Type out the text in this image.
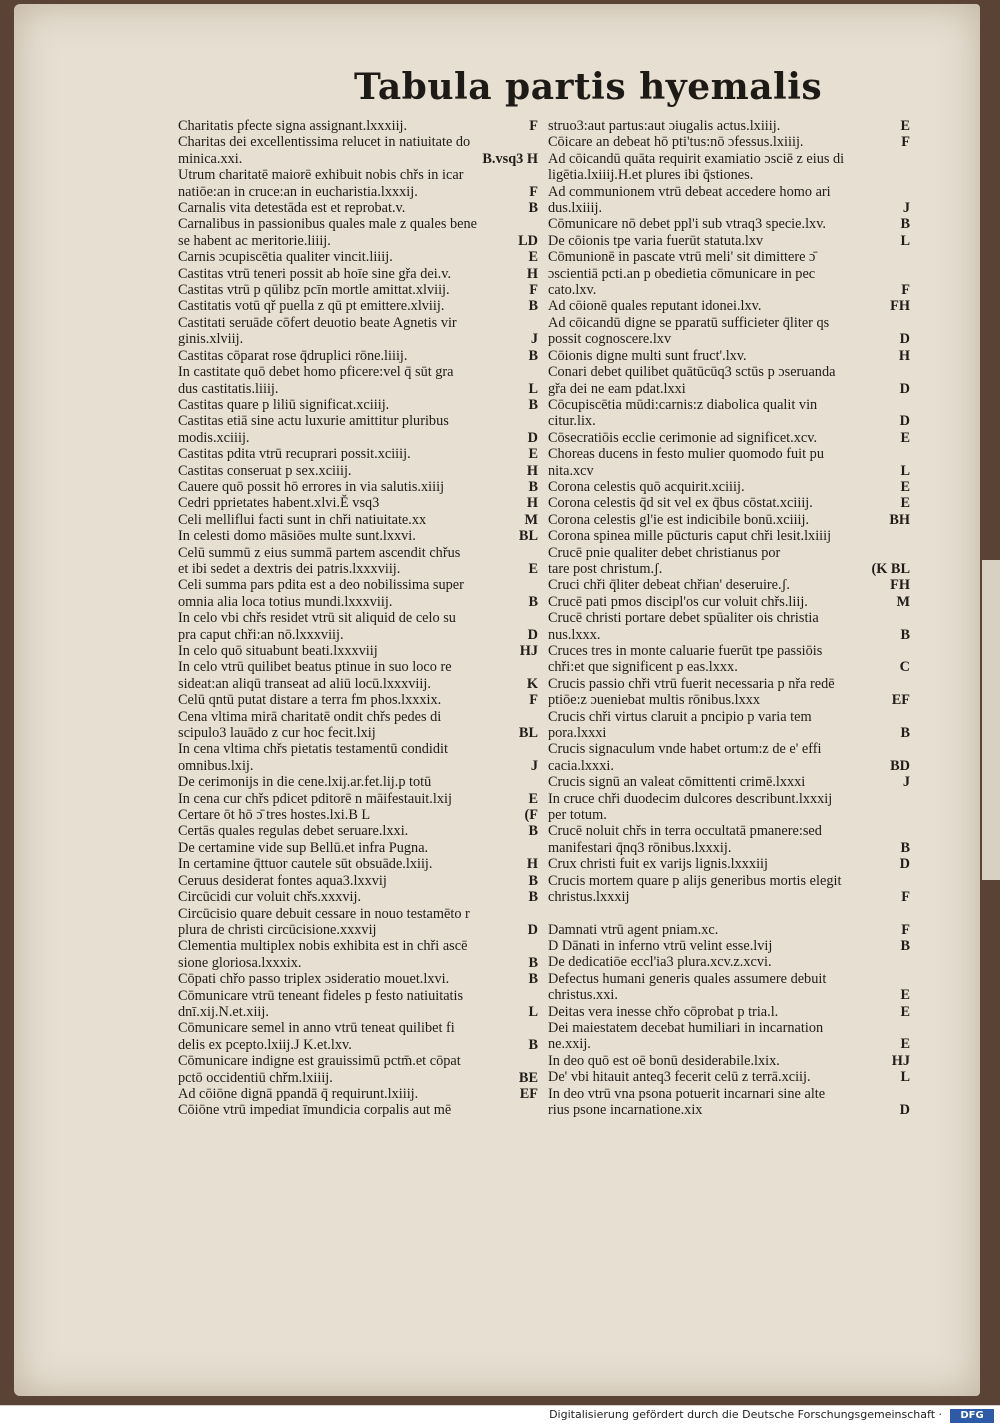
Tabula partis hyemalis
Charitatis pfecte signa assignant.lxxxiij.	F
Charitas dei excellentissima relucet in natiuitate do
minica.xxi.	B.vsq3 H
Utrum charitatē maiorē exhibuit nobis chřs in icar
natiōe:an in cruce:an in eucharistia.lxxxij.	F
Carnalis vita detestāda est et reprobat.v.	B
Carnalibus in passionibus quales male z quales bene
se habent ac meritorie.liiij.	LD
Carnis ɔcupiscētia qualiter vincit.liiij.	E
Castitas vtrū teneri possit ab hoīe sine gřa dei.v.	H
Castitas vtrū p qūlibz pcīn mortle amittat.xlviij.	F
Castitatis votū qř puella z qū pt emittere.xlviij.	B
Castitati seruāde cōfert deuotio beate Agnetis vir
ginis.xlviij.	J
Castitas cōparat rose q̄druplici rōne.liiij.	B
In castitate quō debet homo pficere:vel q̄ sūt gra
dus castitatis.liiij.	L
Castitas quare p liliū significat.xciiij.	B
Castitas etiā sine actu luxurie amittitur pluribus
modis.xciiij.	D
Castitas pdita vtrū recuprari possit.xciiij.	E
Castitas conseruat p sex.xciiij.	H
Cauere quō possit hō errores in via salutis.xiiij	B
Cedri pprietates habent.xlvi.Ĕ vsq3	H
Celi melliflui facti sunt in chři natiuitate.xx	M
In celesti domo māsiōes multe sunt.lxxvi.	BL
Celū summū z eius summā partem ascendit chřus
et ibi sedet a dextris dei patris.lxxxviij.	E
Celi summa pars pdita est a deo nobilissima super
omnia alia loca totius mundi.lxxxviij.	B
In celo vbi chřs residet vtrū sit aliquid de celo su
pra caput chři:an nō.lxxxviij.	D
In celo quō situabunt beati.lxxxviij	HJ
In celo vtrū quilibet beatus ptinue in suo loco re
sideat:an aliqū transeat ad aliū locū.lxxxviij.	K
Celū qntū putat distare a terra fm phos.lxxxix.	F
Cena vltima mirā charitatē ondit chřs pedes di
scipulo3 lauādo z cur hoc fecit.lxij	BL
In cena vltima chřs pietatis testamentū condidit
omnibus.lxij.	J
De cerimonijs in die cene.lxij.ar.fet.lij.p totū
In cena cur chřs pdicet pditorē n māifestauit.lxij	E
Certare ōt hō ɔ̄ tres hostes.lxi.B L	(F
Certās quales regulas debet seruare.lxxi.	B
De certamine vide sup Bellū.et infra Pugna.
In certamine q̄ttuor cautele sūt obsuāde.lxiij.	H
Ceruus desiderat fontes aqua3.lxxvij	B
Circūcidi cur voluit chřs.xxxvij.	B
Circūcisio quare debuit cessare in nouo testamēto r
plura de christi circūcisione.xxxvij	D
Clementia multiplex nobis exhibita est in chři ascē
sione gloriosa.lxxxix.	B
Cōpati chřo passo triplex ɔsideratio mouet.lxvi.	B
Cōmunicare vtrū teneant fideles p festo natiuitatis
dnī.xij.N.et.xiij.	L
Cōmunicare semel in anno vtrū teneat quilibet fi
delis ex pcepto.lxiij.J K.et.lxv.	B
Cōmunicare indigne est grauissimū pctm̄.et cōpat
pctō occidentiū chřm.lxiiij.	BE
Ad cōiōne dignā ppandā q̄ requirunt.lxiiij.	EF
Cōiōne vtrū impediat īmundicia corpalis aut mē
struo3:aut partus:aut ɔiugalis actus.lxiiij.	E
Cōicare an debeat hō pti'tus:nō ɔfessus.lxiiij.	F
Ad cōicandū quāta requirit examiatio ɔsciē z eius di
ligētia.lxiiij.H.et plures ibi q̄stiones.
Ad communionem vtrū debeat accedere homo ari
dus.lxiiij.	J
Cōmunicare nō debet ppl'i sub vtraq3 specie.lxv.	B
De cōionis tpe varia fuerūt statuta.lxv	L
Cōmunionē in pascate vtrū meli' sit dimittere ɔ̄
ɔscientiā pcti.an p obedietia cōmunicare in pec
cato.lxv.	F
Ad cōionē quales reputant idonei.lxv.	FH
Ad cōicandū digne se pparatū sufficieter q̄liter qs
possit cognoscere.lxv	D
Cōionis digne multi sunt fruct'.lxv.	H
Conari debet quilibet quātūcūq3 sctūs p ɔseruanda
gřa dei ne eam pdat.lxxi	D
Cōcupiscētia mūdi:carnis:z diabolica qualit vin
citur.lix.	D
Cōsecratiōis ecclie cerimonie ad significet.xcv.	E
Choreas ducens in festo mulier quomodo fuit pu
nita.xcv	L
Corona celestis quō acquirit.xciiij.	E
Corona celestis q̄d sit vel ex q̄bus cōstat.xciiij.	E
Corona celestis gl'ie est indicibile bonū.xciiij.	BH
Corona spinea mille pūcturis caput chři lesit.lxiiij
Crucē pnie qualiter debet christianus por
tare post christum.ʃ.	(K BL
Cruci chři q̄liter debeat chřian' deseruire.ʃ.	FH
Crucē pati pmos discipl'os cur voluit chřs.liij.	M
Crucē christi portare debet spūaliter ois christia
nus.lxxx.	B
Cruces tres in monte caluarie fuerūt tpe passiōis
chři:et que significent p eas.lxxx.	C
Crucis passio chři vtrū fuerit necessaria p nřa redē
ptiōe:z ɔueniebat multis rōnibus.lxxx	EF
Crucis chři virtus claruit a pncipio p varia tem
pora.lxxxi	B
Crucis signaculum vnde habet ortum:z de e' effi
cacia.lxxxi.	BD
Crucis signū an valeat cōmittenti crimē.lxxxi	J
In cruce chři duodecim dulcores describunt.lxxxij
per totum.
Crucē noluit chřs in terra occultatā pmanere:sed
manifestari q̄nq3 rōnibus.lxxxij.	B
Crux christi fuit ex varijs lignis.lxxxiij	D
Crucis mortem quare p alijs generibus mortis elegit
christus.lxxxij	F
Damnati vtrū agent pniam.xc.	F
D Dānati in inferno vtrū velint esse.lvij	B
De dedicatiōe eccl'ia3 plura.xcv.z.xcvi.
Defectus humani generis quales assumere debuit
christus.xxi.	E
Deitas vera inesse chřo cōprobat p tria.l.	E
Dei maiestatem decebat humiliari in incarnation
ne.xxij.	E
In deo quō est oē bonū desiderabile.lxix.	HJ
De' vbi hitauit anteq3 fecerit celū z terrā.xciij.	L
In deo vtrū vna psona potuerit incarnari sine alte
rius psone incarnatione.xix	D
Digitalisierung gefördert durch die Deutsche Forschungsgemeinschaft ·	DFG
